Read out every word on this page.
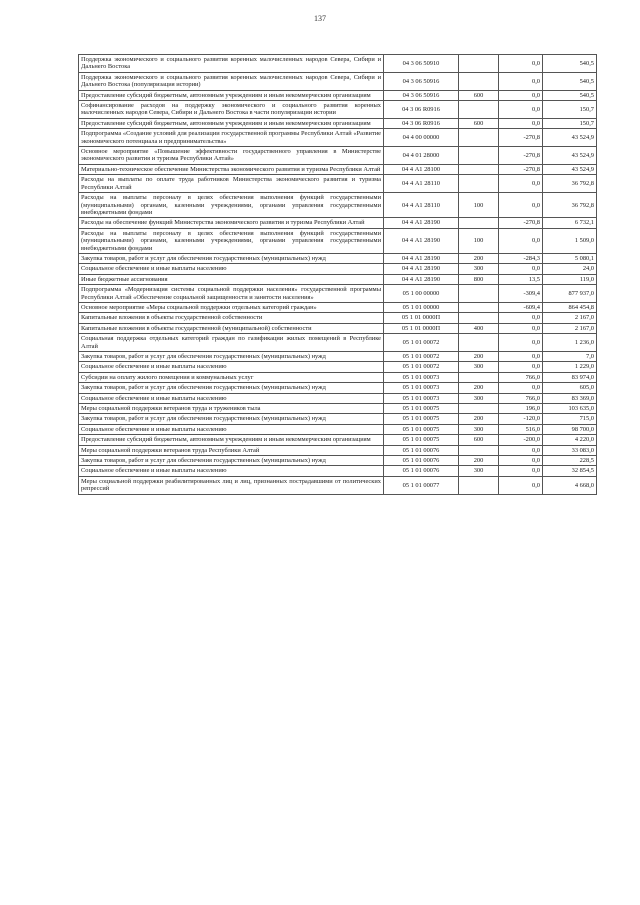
137
Поддержка экономического и социального развития коренных малочисленных народов Севера, Сибири и Дальнего Востока	04 3 06 50910		0,0	540,5
Поддержка экономического и социального развития коренных малочисленных народов Севера, Сибири и Дальнего Востока (популяризация истории)	04 3 06 50916		0,0	540,5
Предоставление субсидий бюджетным, автономным учреждениям и иным некоммерческим организациям	04 3 06 50916	600	0,0	540,5
Софинансирование расходов на поддержку экономического и социального развития коренных малочисленных народов Севера, Сибири и Дальнего Востока в части популяризации истории	04 3 06 R0916		0,0	150,7
Предоставление субсидий бюджетным, автономным учреждениям и иным некоммерческим организациям	04 3 06 R0916	600	0,0	150,7
Подпрограмма «Создание условий для реализации государственной программы Республики Алтай «Развитие экономического потенциала и предпринимательства»	04 4 00 00000		-270,8	43 524,9
Основное мероприятие «Повышение эффективности государственного управления в Министерстве экономического развития и туризма Республики Алтай»	04 4 01 28000		-270,8	43 524,9
Материально-техническое обеспечение Министерства экономического развития и туризма Республики Алтай	04 4 А1 28100		-270,8	43 524,9
Расходы на выплаты по оплате труда работников Министерства экономического развития и туризма Республики Алтай	04 4 А1 28110		0,0	36 792,8
Расходы на выплаты персоналу в целях обеспечения выполнения функций государственными (муниципальными) органами, казенными учреждениями, органами управления государственными внебюджетными фондами	04 4 А1 28110	100	0,0	36 792,8
Расходы на обеспечение функций Министерства экономического развития и туризма Республики Алтай	04 4 А1 28190		-270,8	6 732,1
Расходы на выплаты персоналу в целях обеспечения выполнения функций государственными (муниципальными) органами, казенными учреждениями, органами управления государственными внебюджетными фондами	04 4 А1 28190	100	0,0	1 509,0
Закупка товаров, работ и услуг для обеспечения государственных (муниципальных) нужд	04 4 А1 28190	200	-284,3	5 080,1
Социальное обеспечение и иные выплаты населению	04 4 А1 28190	300	0,0	24,0
Иные бюджетные ассигнования	04 4 А1 28190	800	13,5	119,0
Подпрограмма «Модернизация системы социальной поддержки населения» государственной программы Республики Алтай «Обеспечение социальной защищенности и занятости населения»	05 1 00 00000		-309,4	877 937,0
Основное мероприятие «Меры социальной поддержки отдельных категорий граждан»	05 1 01 00000		-609,4	864 454,8
Капитальные вложения в объекты государственной собственности	05 1 01 0000П		0,0	2 167,0
Капитальные вложения в объекты государственной (муниципальной) собственности	05 1 01 0000П	400	0,0	2 167,0
Социальная поддержка отдельных категорий граждан по газификации жилых помещений в Республике Алтай	05 1 01 00072		0,0	1 236,0
Закупка товаров, работ и услуг для обеспечения государственных (муниципальных) нужд	05 1 01 00072	200	0,0	7,0
Социальное обеспечение и иные выплаты населению	05 1 01 00072	300	0,0	1 229,0
Субсидии на оплату жилого помещения и коммунальных услуг	05 1 01 00073		766,0	83 974,0
Закупка товаров, работ и услуг для обеспечения государственных (муниципальных) нужд	05 1 01 00073	200	0,0	605,0
Социальное обеспечение и иные выплаты населению	05 1 01 00073	300	766,0	83 369,0
Меры социальной поддержки ветеранов труда и тружеников тыла	05 1 01 00075		196,0	103 635,0
Закупка товаров, работ и услуг для обеспечения государственных (муниципальных) нужд	05 1 01 00075	200	-120,0	715,0
Социальное обеспечение и иные выплаты населению	05 1 01 00075	300	516,0	98 700,0
Предоставление субсидий бюджетным, автономным учреждениям и иным некоммерческим организациям	05 1 01 00075	600	-200,0	4 220,0
Меры социальной поддержки ветеранов труда Республики Алтай	05 1 01 00076		0,0	33 083,0
Закупка товаров, работ и услуг для обеспечения государственных (муниципальных) нужд	05 1 01 00076	200	0,0	228,5
Социальное обеспечение и иные выплаты населению	05 1 01 00076	300	0,0	32 854,5
Меры социальной поддержки реабилитированных лиц и лиц, признанных пострадавшими от политических репрессий	05 1 01 00077		0,0	4 668,0
